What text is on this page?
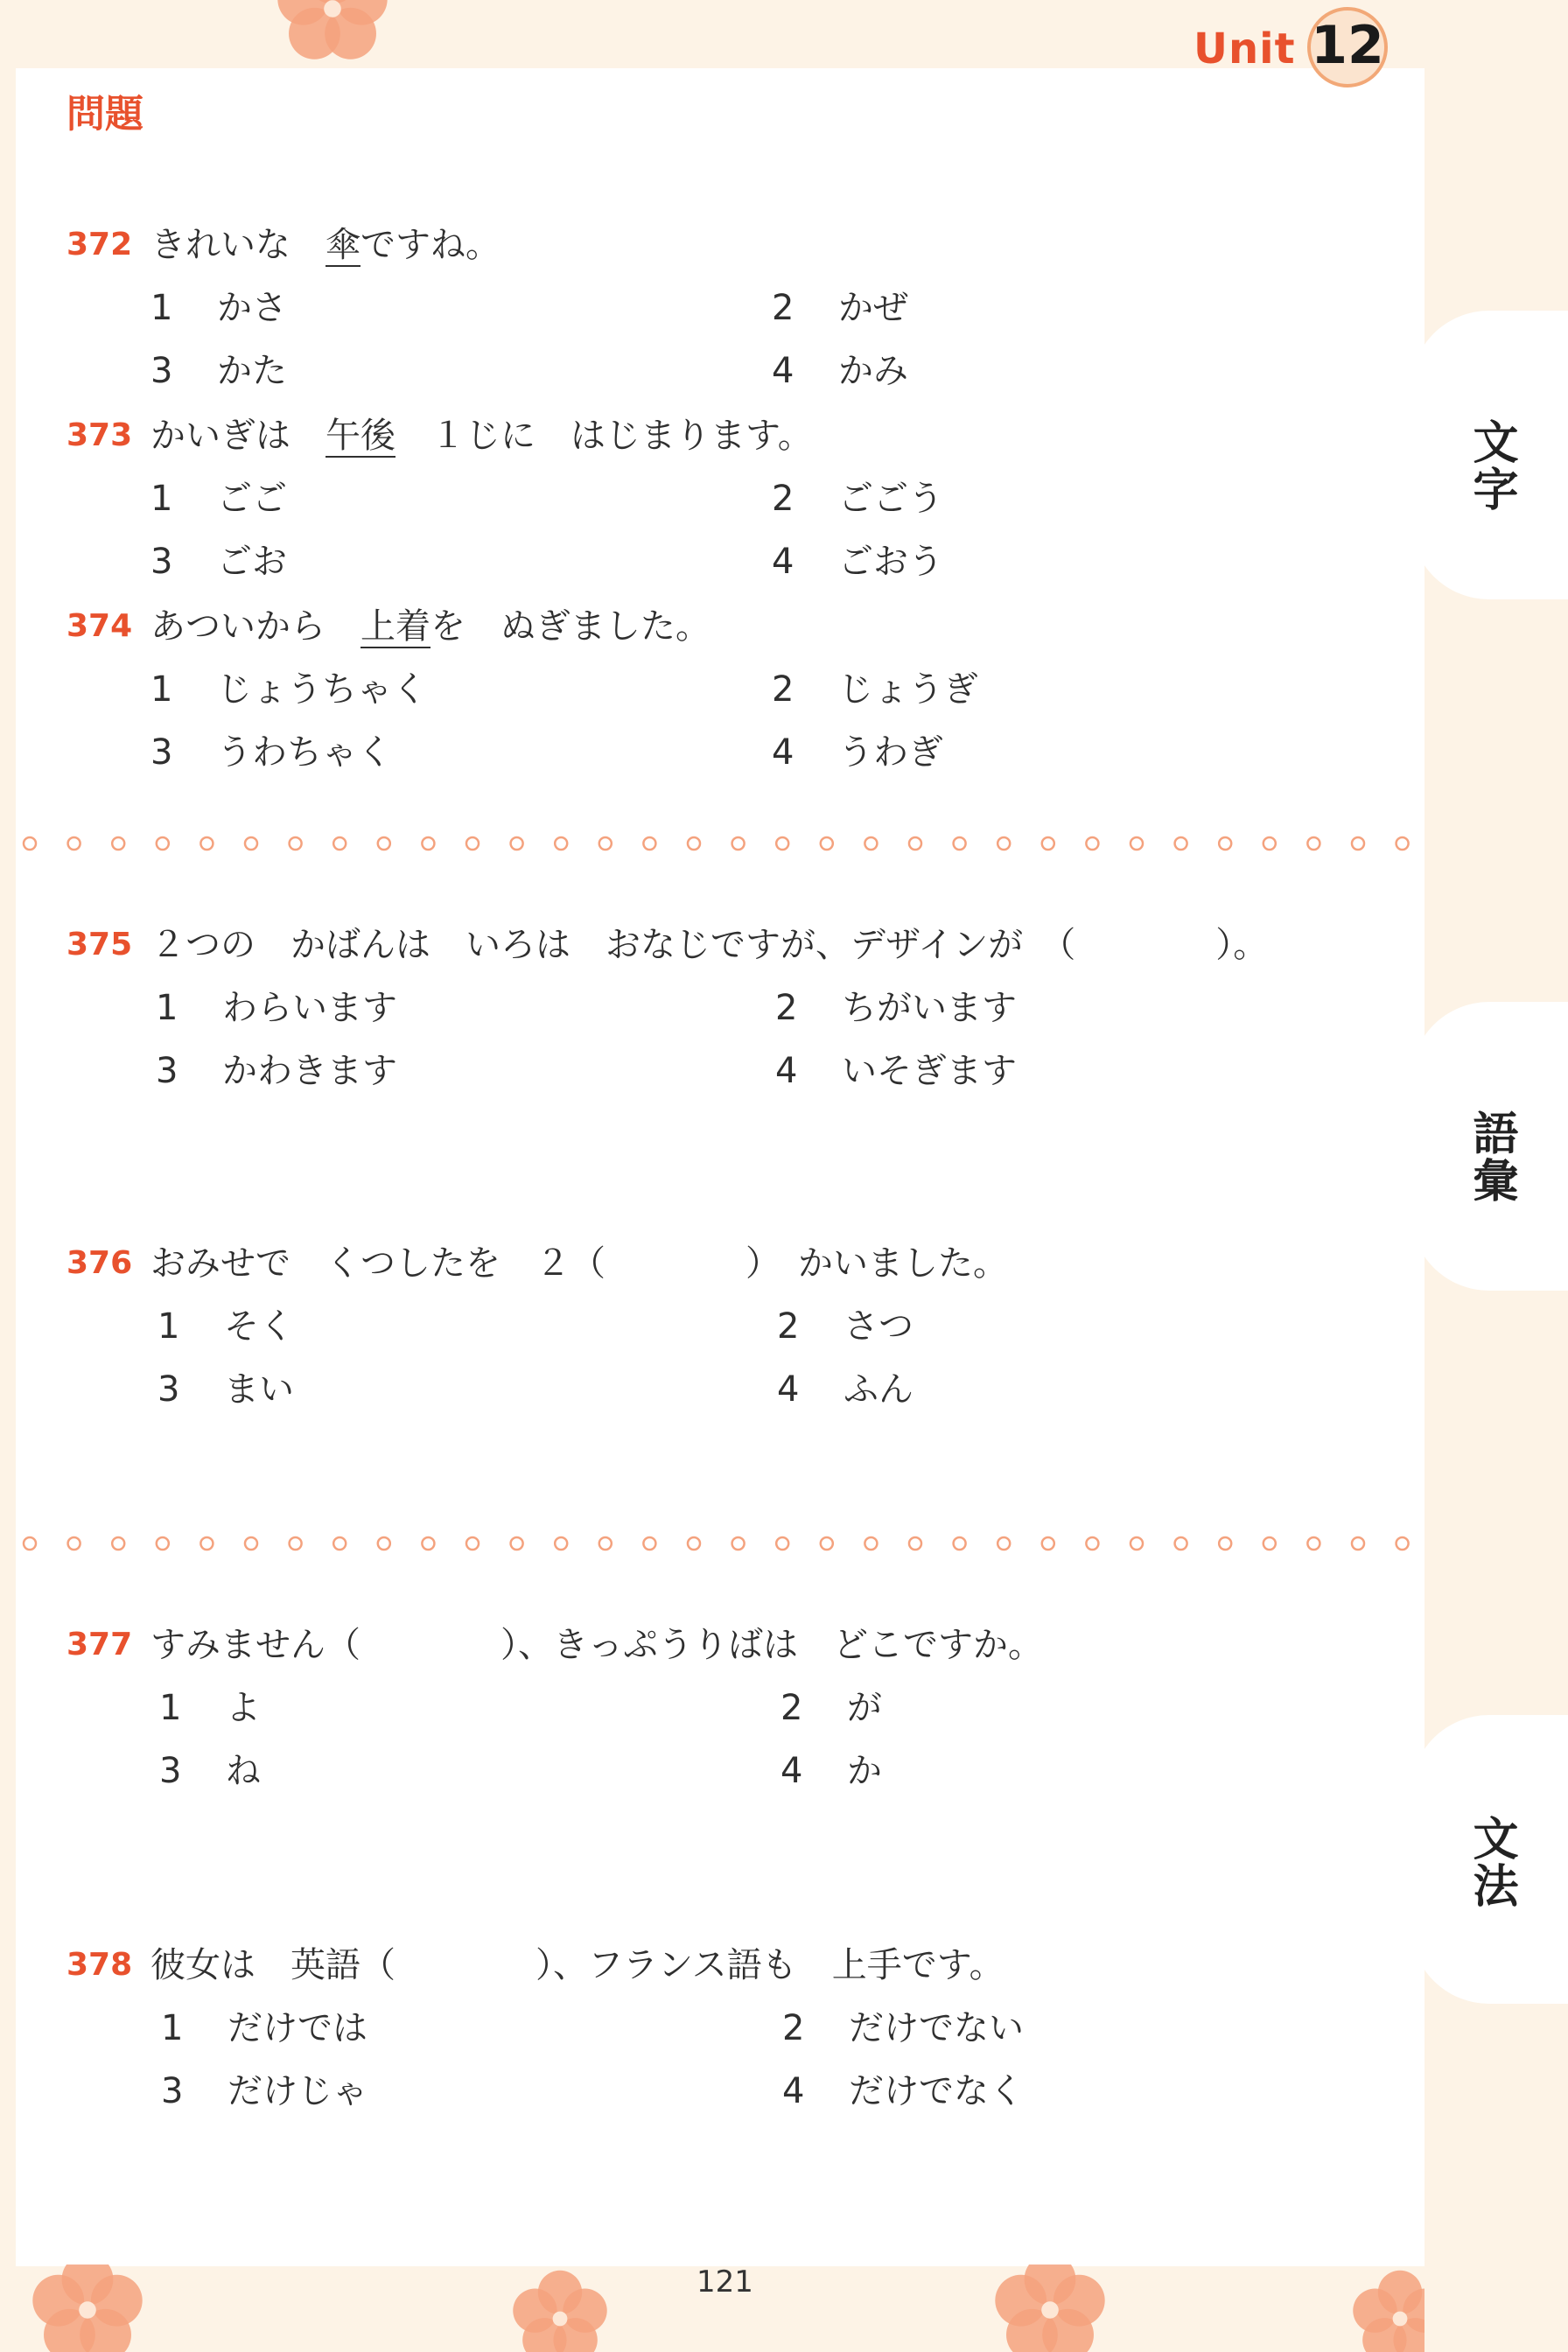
文字
語彙
文法
Unit 12
問題
372 きれいな　傘ですね。
1 かさ	2 かぜ
3 かた	4 かみ
373 かいぎは　午後　１じに　はじまります。
1 ごご	2 ごごう
3 ごお	4 ごおう
374 あついから　上着を　ぬぎました。
1 じょうちゃく	2 じょうぎ
3 うわちゃく	4 うわぎ
375 ２つの　かばんは　いろは　おなじですが、デザインが　（　　　　）。
1 わらいます	2 ちがいます
3 かわきます	4 いそぎます
376 おみせで　くつしたを　２（　　　　）　かいました。
1 そく	2 さつ
3 まい	4 ふん
377 すみません（　　　　）、きっぷうりばは　どこですか。
1 よ	2 が
3 ね	4 か
378 彼女は　英語（　　　　）、フランス語も　上手です。
1 だけでは	2 だけでない
3 だけじゃ	4 だけでなく
121
